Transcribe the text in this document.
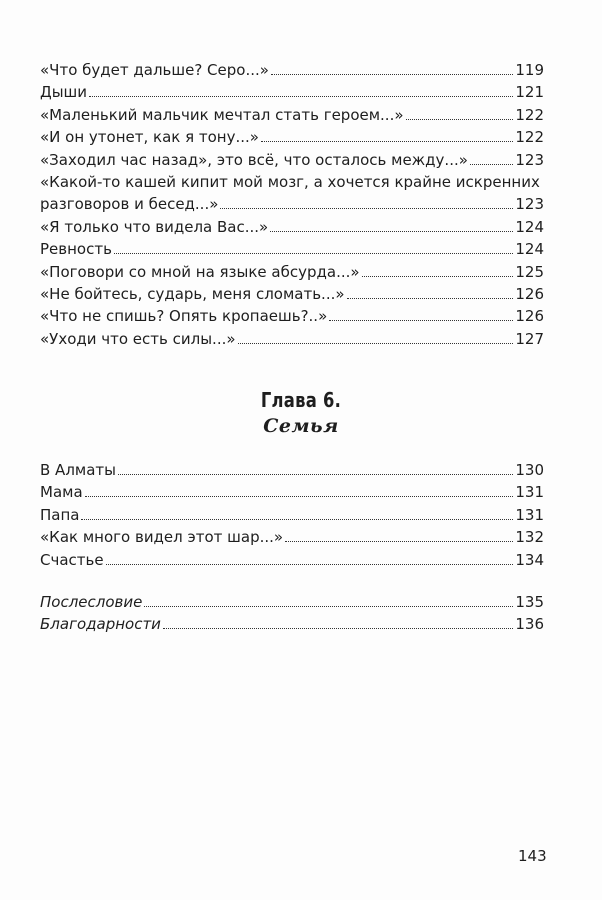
«Что будет дальше? Серо...»	119
Дыши	121
«Маленький мальчик мечтал стать героем...»	122
«И он утонет, как я тону...»	122
«Заходил час назад», это всё, что осталось между...»	123
«Какой-то кашей кипит мой мозг, а хочется крайне искренних
разговоров и бесед...»	123
«Я только что видела Вас...»	124
Ревность	124
«Поговори со мной на языке абсурда...»	125
«Не бойтесь, сударь, меня сломать...»	126
«Что не спишь? Опять кропаешь?..»	126
«Уходи что есть силы...»	127
Глава 6.
Семья
В Алматы	130
Мама	131
Папа	131
«Как много видел этот шар...»	132
Счастье	134
Послесловие	135
Благодарности	136
143
